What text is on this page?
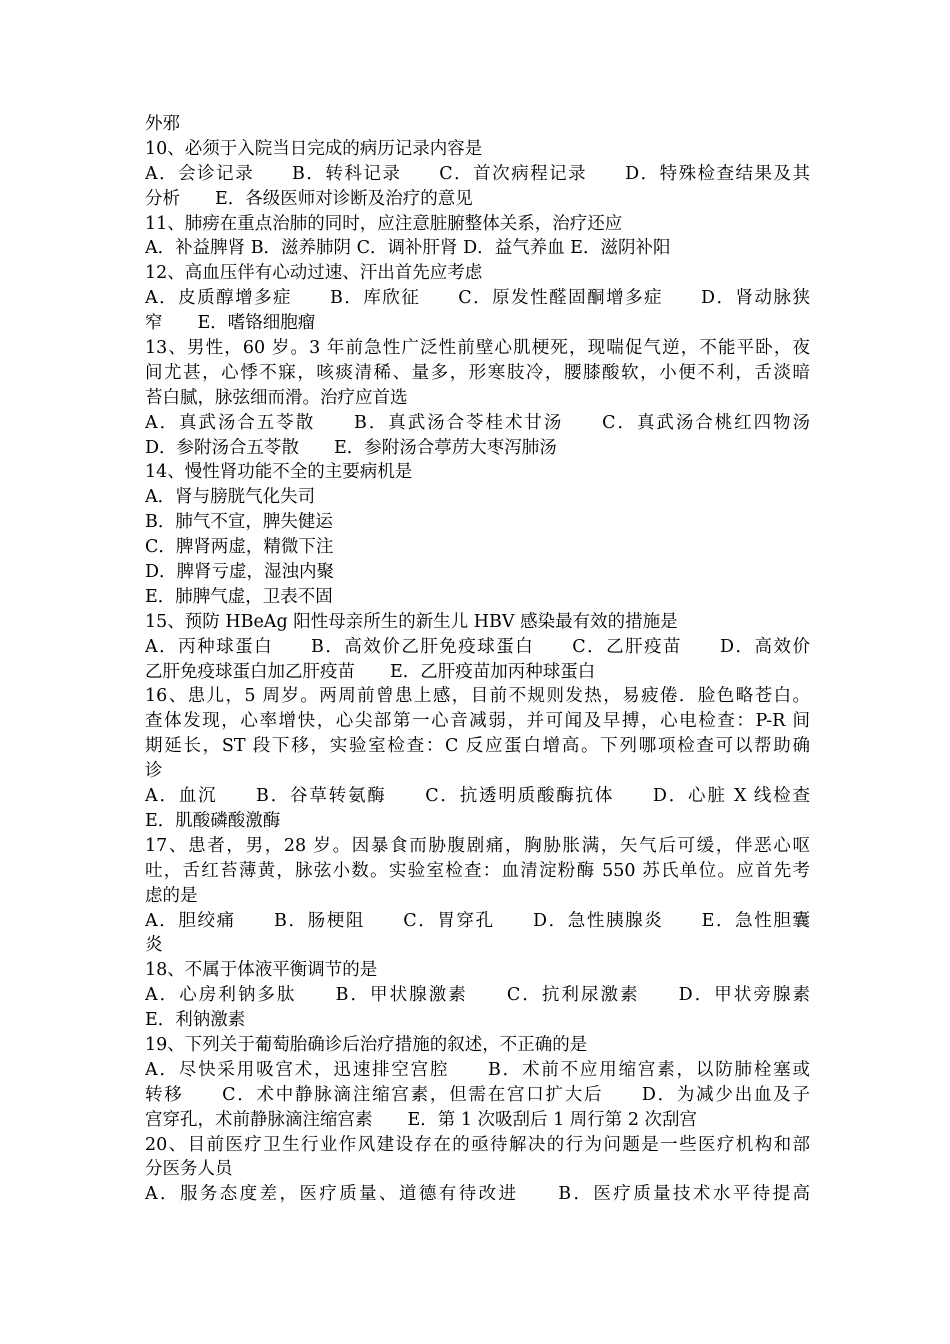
外邪
10、必须于入院当日完成的病历记录内容是
A．会诊记录　　B．转科记录　　C．首次病程记录　　D．特殊检查结果及其
分析　　E．各级医师对诊断及治疗的意见
11、肺痨在重点治肺的同时，应注意脏腑整体关系，治疗还应
A．补益脾肾 B．滋养肺阴 C．调补肝肾 D．益气养血 E．滋阴补阳
12、高血压伴有心动过速、汗出首先应考虑
A．皮质醇增多症　　B．库欣征　　C．原发性醛固酮增多症　　D．肾动脉狭
窄　　E．嗜铬细胞瘤
13、男性，60 岁。3 年前急性广泛性前壁心肌梗死，现喘促气逆，不能平卧，夜
间尤甚，心悸不寐，咳痰清稀、量多，形寒肢冷，腰膝酸软，小便不利，舌淡暗
苔白腻，脉弦细而滑。治疗应首选
A．真武汤合五苓散　　B．真武汤合苓桂术甘汤　　C．真武汤合桃红四物汤
D．参附汤合五苓散　　E．参附汤合葶苈大枣泻肺汤
14、慢性肾功能不全的主要病机是
A．肾与膀胱气化失司
B．肺气不宣，脾失健运
C．脾肾两虚，精微下注
D．脾肾亏虚，湿浊内聚
E．肺脾气虚，卫表不固
15、预防 HBeAg 阳性母亲所生的新生儿 HBV 感染最有效的措施是
A．丙种球蛋白　　B．高效价乙肝免疫球蛋白　　C．乙肝疫苗　　D．高效价
乙肝免疫球蛋白加乙肝疫苗　　E．乙肝疫苗加丙种球蛋白
16、患儿，5 周岁。两周前曾患上感，目前不规则发热，易疲倦．脸色略苍白。
查体发现，心率增快，心尖部第一心音减弱，并可闻及早搏，心电检查：P-R 间
期延长，ST 段下移，实验室检查：C 反应蛋白增高。下列哪项检查可以帮助确
诊
A．血沉　　B．谷草转氨酶　　C．抗透明质酸酶抗体　　D．心脏 X 线检查
E．肌酸磷酸激酶
17、患者，男，28 岁。因暴食而胁腹剧痛，胸胁胀满，矢气后可缓，伴恶心呕
吐，舌红苔薄黄，脉弦小数。实验室检查：血清淀粉酶 550 苏氏单位。应首先考
虑的是
A．胆绞痛　　B．肠梗阻　　C．胃穿孔　　D．急性胰腺炎　　E．急性胆囊
炎
18、不属于体液平衡调节的是
A．心房利钠多肽　　B．甲状腺激素　　C．抗利尿激素　　D．甲状旁腺素
E．利钠激素
19、下列关于葡萄胎确诊后治疗措施的叙述，不正确的是
A．尽快采用吸宫术，迅速排空宫腔　　B．术前不应用缩宫素，以防肺栓塞或
转移　　C．术中静脉滴注缩宫素，但需在宫口扩大后　　D．为减少出血及子
宫穿孔，术前静脉滴注缩宫素　　E．第 1 次吸刮后 1 周行第 2 次刮宫
20、目前医疗卫生行业作风建设存在的亟待解决的行为问题是一些医疗机构和部
分医务人员
A．服务态度差，医疗质量、道德有待改进　　B．医疗质量技术水平待提高
